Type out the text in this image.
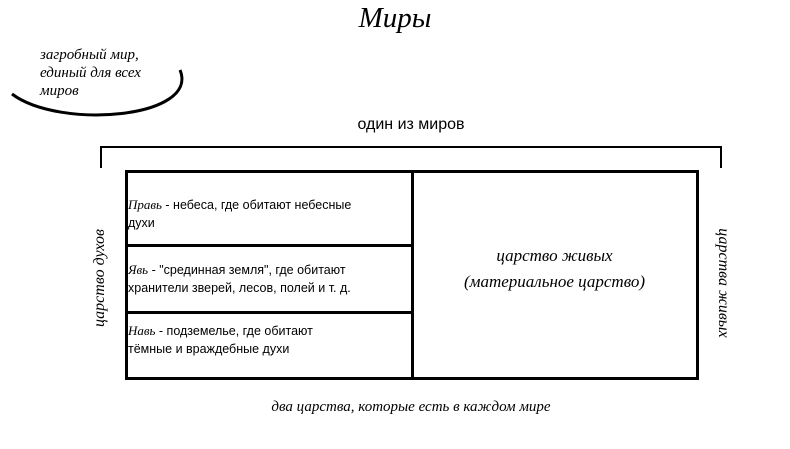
Миры
загробный мир,
единый для всех
миров
один из миров
царство духов	царства живых
Правь - небеса, где обитают небесные
духи
Явь - "срединная земля", где обитают
хранители зверей, лесов, полей и т. д.
Навь - подземелье, где обитают
тёмные и враждебные духи
царство живых
(материальное царство)
два царства, которые есть в каждом мире
